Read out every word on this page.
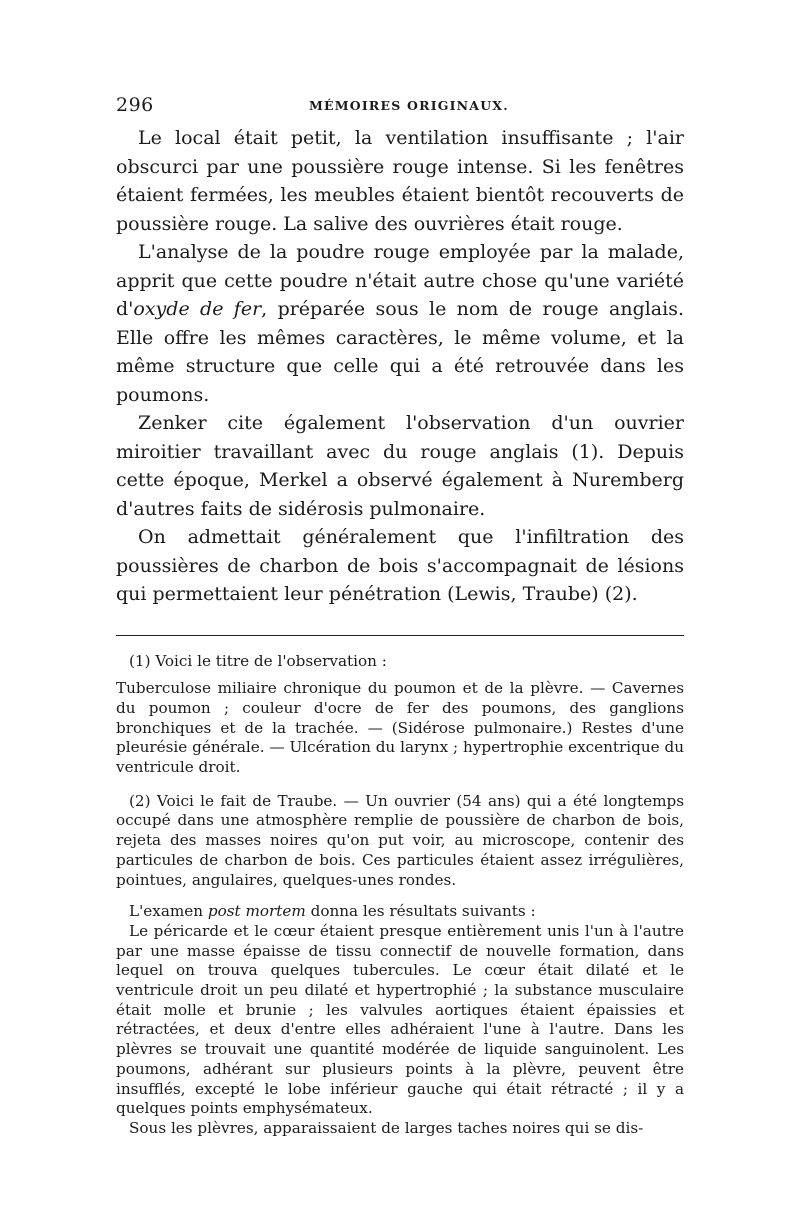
296	MÉMOIRES ORIGINAUX.

Le local était petit, la ventilation insuffisante ; l'air obscurci par une poussière rouge intense. Si les fenêtres étaient fermées, les meubles étaient bientôt recouverts de poussière rouge. La salive des ouvrières était rouge.

L'analyse de la poudre rouge employée par la malade, apprit que cette poudre n'était autre chose qu'une variété d'oxyde de fer, préparée sous le nom de rouge anglais. Elle offre les mêmes caractères, le même volume, et la même structure que celle qui a été retrouvée dans les poumons.

Zenker cite également l'observation d'un ouvrier miroitier travaillant avec du rouge anglais (1). Depuis cette époque, Merkel a observé également à Nuremberg d'autres faits de sidérosis pulmonaire.

On admettait généralement que l'infiltration des poussières de charbon de bois s'accompagnait de lésions qui permettaient leur pénétration (Lewis, Traube) (2).

(1) Voici le titre de l'observation :

Tuberculose miliaire chronique du poumon et de la plèvre. — Cavernes du poumon ; couleur d'ocre de fer des poumons, des ganglions bronchiques et de la trachée. — (Sidérose pulmonaire.) Restes d'une pleurésie générale. — Ulcération du larynx ; hypertrophie excentrique du ventricule droit.

(2) Voici le fait de Traube. — Un ouvrier (54 ans) qui a été longtemps occupé dans une atmosphère remplie de poussière de charbon de bois, rejeta des masses noires qu'on put voir, au microscope, contenir des particules de charbon de bois. Ces particules étaient assez irrégulières, pointues, angulaires, quelques-unes rondes.

L'examen post mortem donna les résultats suivants :

Le péricarde et le cœur étaient presque entièrement unis l'un à l'autre par une masse épaisse de tissu connectif de nouvelle formation, dans lequel on trouva quelques tubercules. Le cœur était dilaté et le ventricule droit un peu dilaté et hypertrophié ; la substance musculaire était molle et brunie ; les valvules aortiques étaient épaissies et rétractées, et deux d'entre elles adhéraient l'une à l'autre. Dans les plèvres se trouvait une quantité modérée de liquide sanguinolent. Les poumons, adhérant sur plusieurs points à la plèvre, peuvent être insufflés, excepté le lobe inférieur gauche qui était rétracté ; il y a quelques points emphysémateux.

Sous les plèvres, apparaissaient de larges taches noires qui se dis-
